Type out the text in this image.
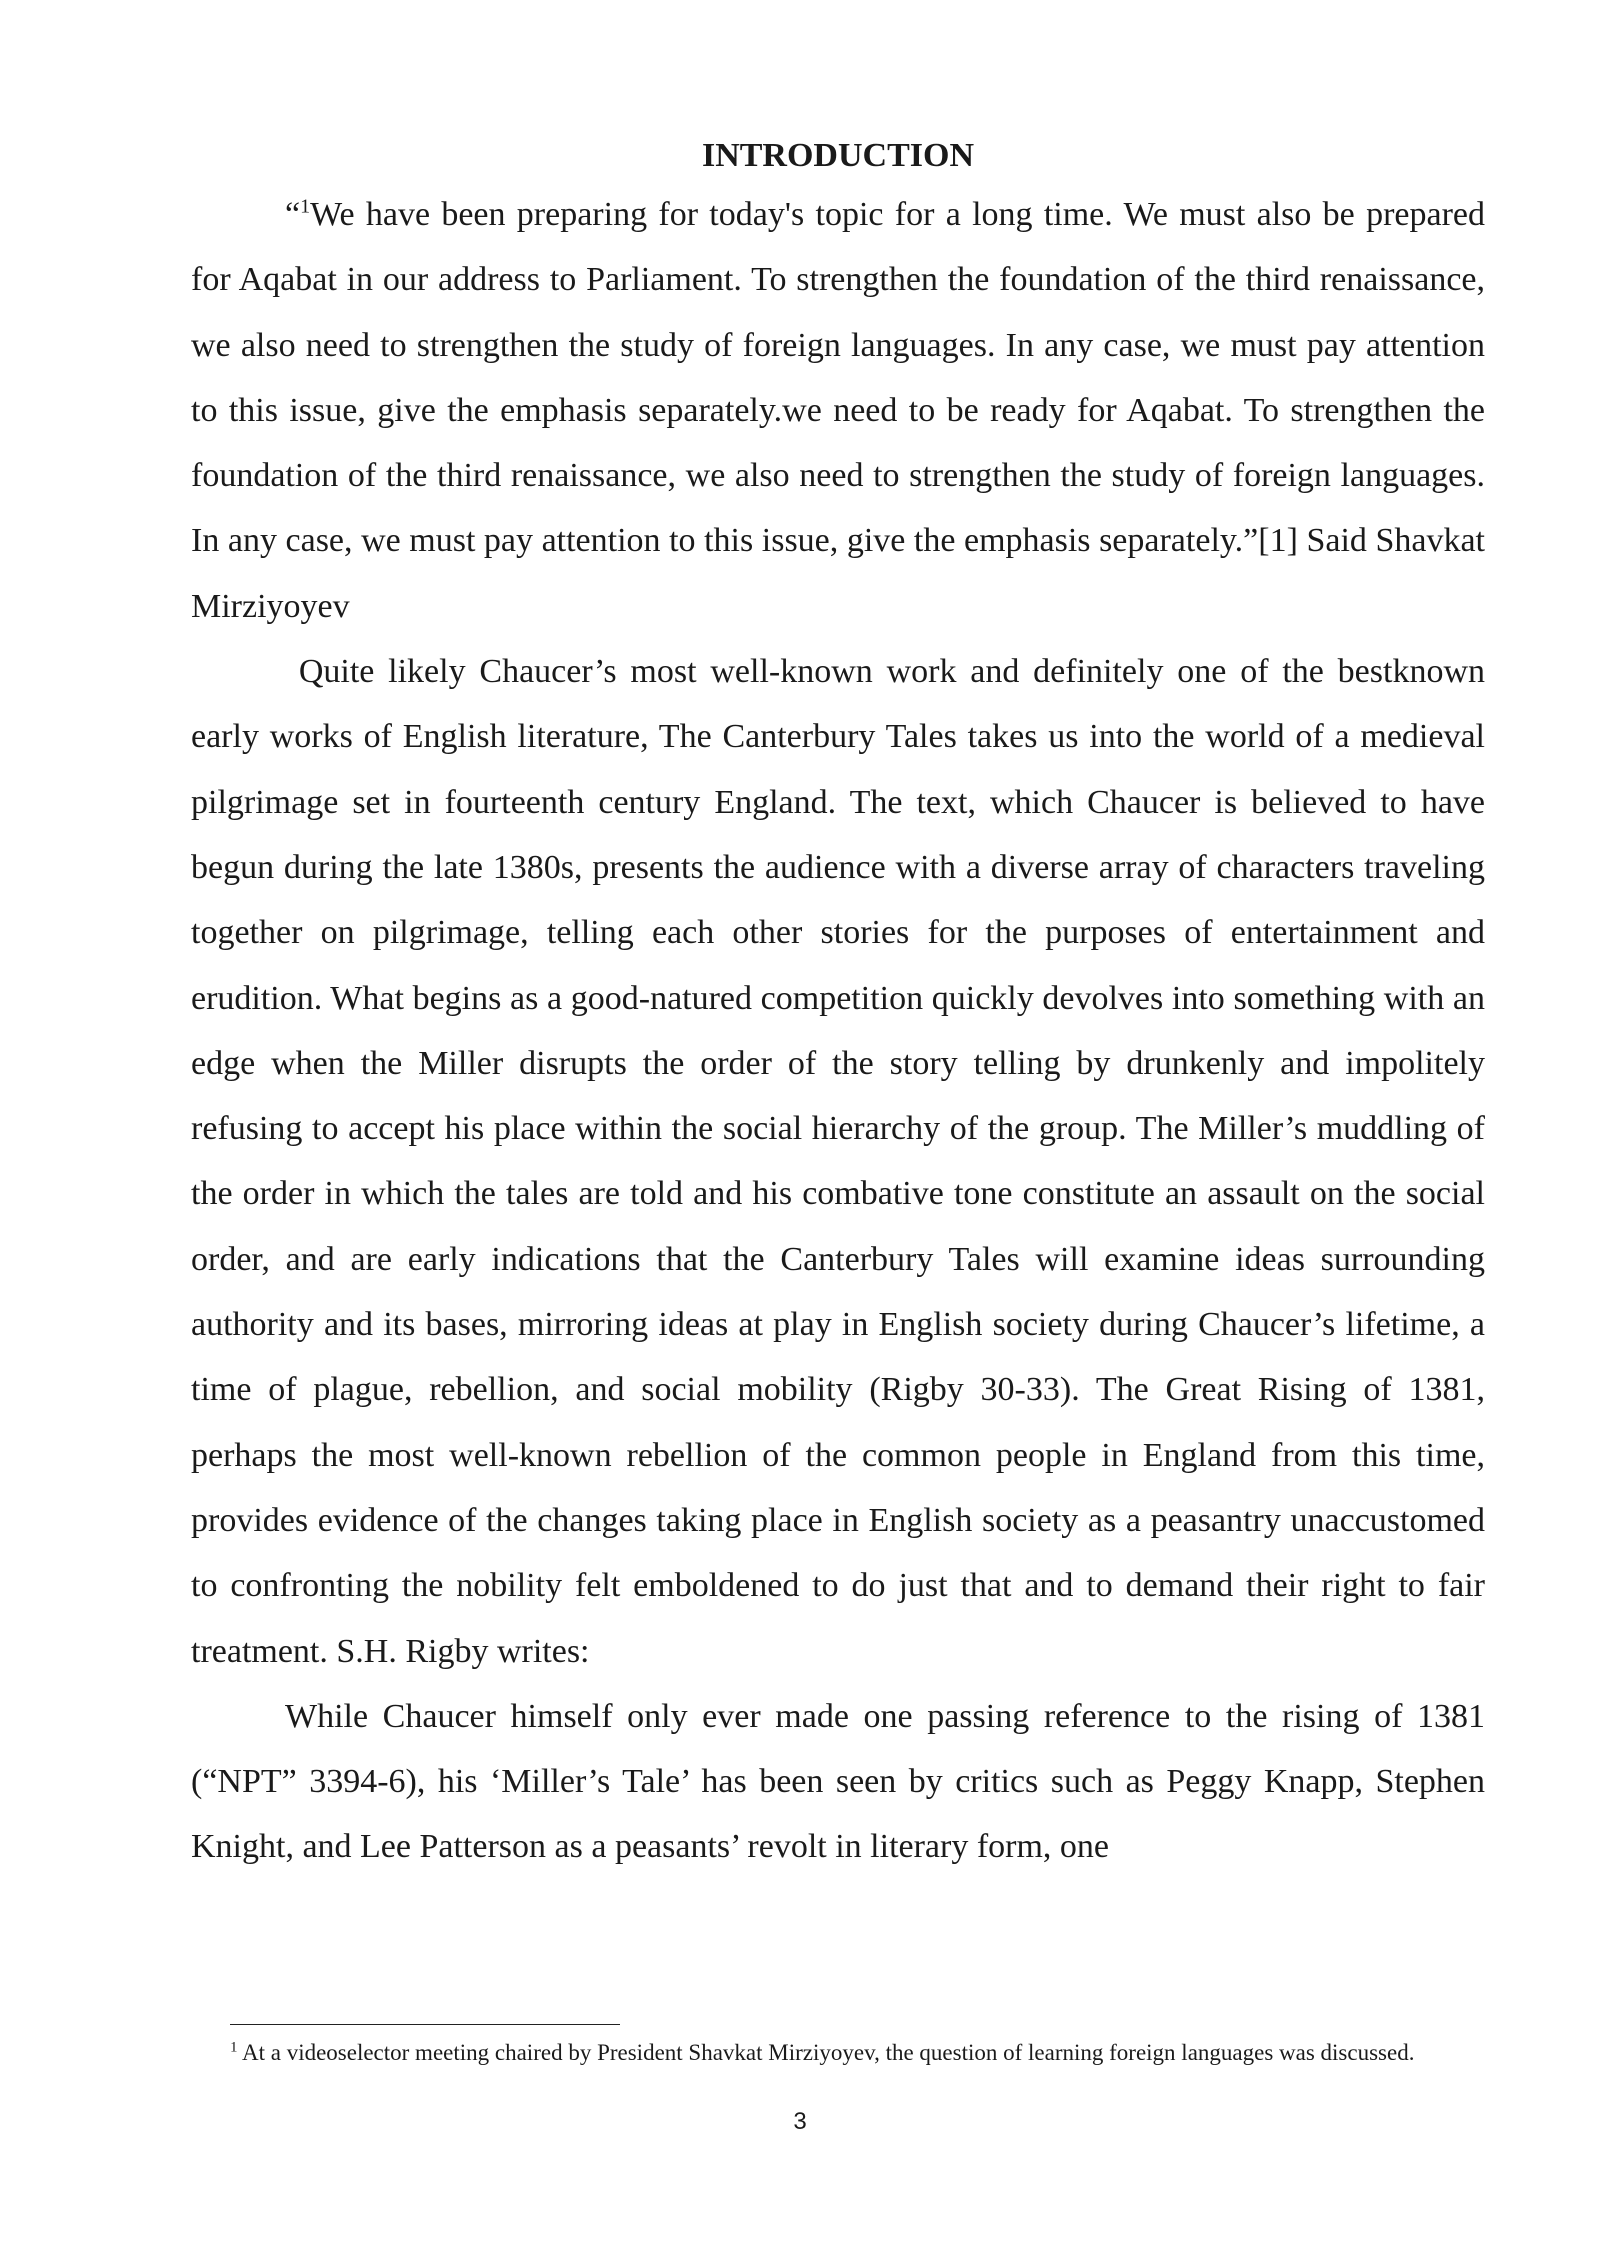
INTRODUCTION

“$^1$We have been preparing for today's topic for a long time. We must also be prepared for Aqabat in our address to Parliament. To strengthen the foundation of the third renaissance, we also need to strengthen the study of foreign languages. In any case, we must pay attention to this issue, give the emphasis separately.we need to be ready for Aqabat. To strengthen the foundation of the third renaissance, we also need to strengthen the study of foreign languages. In any case, we must pay attention to this issue, give the emphasis separately.”[1] Said Shavkat Mirziyoyev

Quite likely Chaucer’s most well-known work and definitely one of the bestknown early works of English literature, The Canterbury Tales takes us into the world of a medieval pilgrimage set in fourteenth century England. The text, which Chaucer is believed to have begun during the late 1380s, presents the audience with a diverse array of characters traveling together on pilgrimage, telling each other stories for the purposes of entertainment and erudition. What begins as a good-natured competition quickly devolves into something with an edge when the Miller disrupts the order of the story telling by drunkenly and impolitely refusing to accept his place within the social hierarchy of the group. The Miller’s muddling of the order in which the tales are told and his combative tone constitute an assault on the social order, and are early indications that the Canterbury Tales will examine ideas surrounding authority and its bases, mirroring ideas at play in English society during Chaucer’s lifetime, a time of plague, rebellion, and social mobility (Rigby 30-33). The Great Rising of 1381, perhaps the most well-known rebellion of the common people in England from this time, provides evidence of the changes taking place in English society as a peasantry unaccustomed to confronting the nobility felt emboldened to do just that and to demand their right to fair treatment. S.H. Rigby writes:

While Chaucer himself only ever made one passing reference to the rising of 1381 (“NPT” 3394-6), his ‘Miller’s Tale’ has been seen by critics such as Peggy Knapp, Stephen Knight, and Lee Patterson as a peasants’ revolt in literary form, one

$^1$ At a videoselector meeting chaired by President Shavkat Mirziyoyev, the question of learning foreign languages was discussed.

3
